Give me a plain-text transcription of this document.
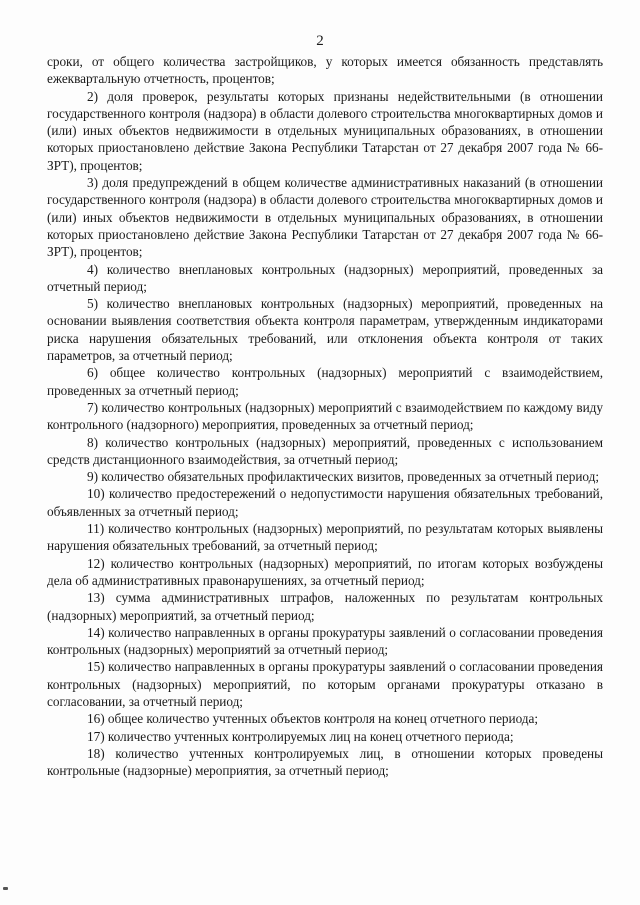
2

сроки, от общего количества застройщиков, у которых имеется обязанность представлять ежеквартальную отчетность, процентов;

2) доля проверок, результаты которых признаны недействительными (в отношении государственного контроля (надзора) в области долевого строительства многоквартирных домов и (или) иных объектов недвижимости в отдельных муниципальных образованиях, в отношении которых приостановлено действие Закона Республики Татарстан от 27 декабря 2007 года № 66-ЗРТ), процентов;

3) доля предупреждений в общем количестве административных наказаний (в отношении государственного контроля (надзора) в области долевого строительства многоквартирных домов и (или) иных объектов недвижимости в отдельных муниципальных образованиях, в отношении которых приостановлено действие Закона Республики Татарстан от 27 декабря 2007 года № 66-ЗРТ), процентов;

4) количество внеплановых контрольных (надзорных) мероприятий, проведенных за отчетный период;

5) количество внеплановых контрольных (надзорных) мероприятий, проведенных на основании выявления соответствия объекта контроля параметрам, утвержденным индикаторами риска нарушения обязательных требований, или отклонения объекта контроля от таких параметров, за отчетный период;

6) общее количество контрольных (надзорных) мероприятий с взаимодействием, проведенных за отчетный период;

7) количество контрольных (надзорных) мероприятий с взаимодействием по каждому виду контрольного (надзорного) мероприятия, проведенных за отчетный период;

8) количество контрольных (надзорных) мероприятий, проведенных с использованием средств дистанционного взаимодействия, за отчетный период;

9) количество обязательных профилактических визитов, проведенных за отчетный период;

10) количество предостережений о недопустимости нарушения обязательных требований, объявленных за отчетный период;

11) количество контрольных (надзорных) мероприятий, по результатам которых выявлены нарушения обязательных требований, за отчетный период;

12) количество контрольных (надзорных) мероприятий, по итогам которых возбуждены дела об административных правонарушениях, за отчетный период;

13) сумма административных штрафов, наложенных по результатам контрольных (надзорных) мероприятий, за отчетный период;

14) количество направленных в органы прокуратуры заявлений о согласовании проведения контрольных (надзорных) мероприятий за отчетный период;

15) количество направленных в органы прокуратуры заявлений о согласовании проведения контрольных (надзорных) мероприятий, по которым органами прокуратуры отказано в согласовании, за отчетный период;

16) общее количество учтенных объектов контроля на конец отчетного периода;

17) количество учтенных контролируемых лиц на конец отчетного периода;

18) количество учтенных контролируемых лиц, в отношении которых проведены контрольные (надзорные) мероприятия, за отчетный период;
